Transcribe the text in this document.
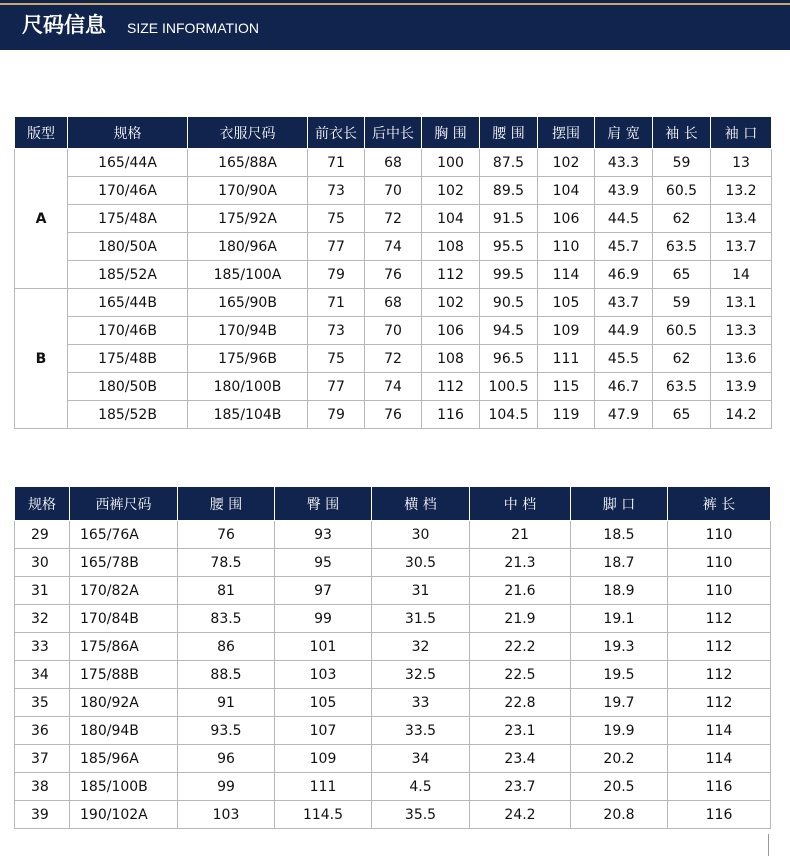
尺码信息 SIZE INFORMATION
版型	规格	衣服尺码	前衣长	后中长	胸 围	腰 围	摆围	肩 宽	袖 长	袖 口
A	165/44A	165/88A	71	68	100	87.5	102	43.3	59	13
	170/46A	170/90A	73	70	102	89.5	104	43.9	60.5	13.2
	175/48A	175/92A	75	72	104	91.5	106	44.5	62	13.4
	180/50A	180/96A	77	74	108	95.5	110	45.7	63.5	13.7
	185/52A	185/100A	79	76	112	99.5	114	46.9	65	14
B	165/44B	165/90B	71	68	102	90.5	105	43.7	59	13.1
	170/46B	170/94B	73	70	106	94.5	109	44.9	60.5	13.3
	175/48B	175/96B	75	72	108	96.5	111	45.5	62	13.6
	180/50B	180/100B	77	74	112	100.5	115	46.7	63.5	13.9
	185/52B	185/104B	79	76	116	104.5	119	47.9	65	14.2
规格	西裤尺码	腰 围	臀 围	横 档	中 档	脚 口	裤 长
29	165/76A	76	93	30	21	18.5	110
30	165/78B	78.5	95	30.5	21.3	18.7	110
31	170/82A	81	97	31	21.6	18.9	110
32	170/84B	83.5	99	31.5	21.9	19.1	112
33	175/86A	86	101	32	22.2	19.3	112
34	175/88B	88.5	103	32.5	22.5	19.5	112
35	180/92A	91	105	33	22.8	19.7	112
36	180/94B	93.5	107	33.5	23.1	19.9	114
37	185/96A	96	109	34	23.4	20.2	114
38	185/100B	99	111	4.5	23.7	20.5	116
39	190/102A	103	114.5	35.5	24.2	20.8	116
